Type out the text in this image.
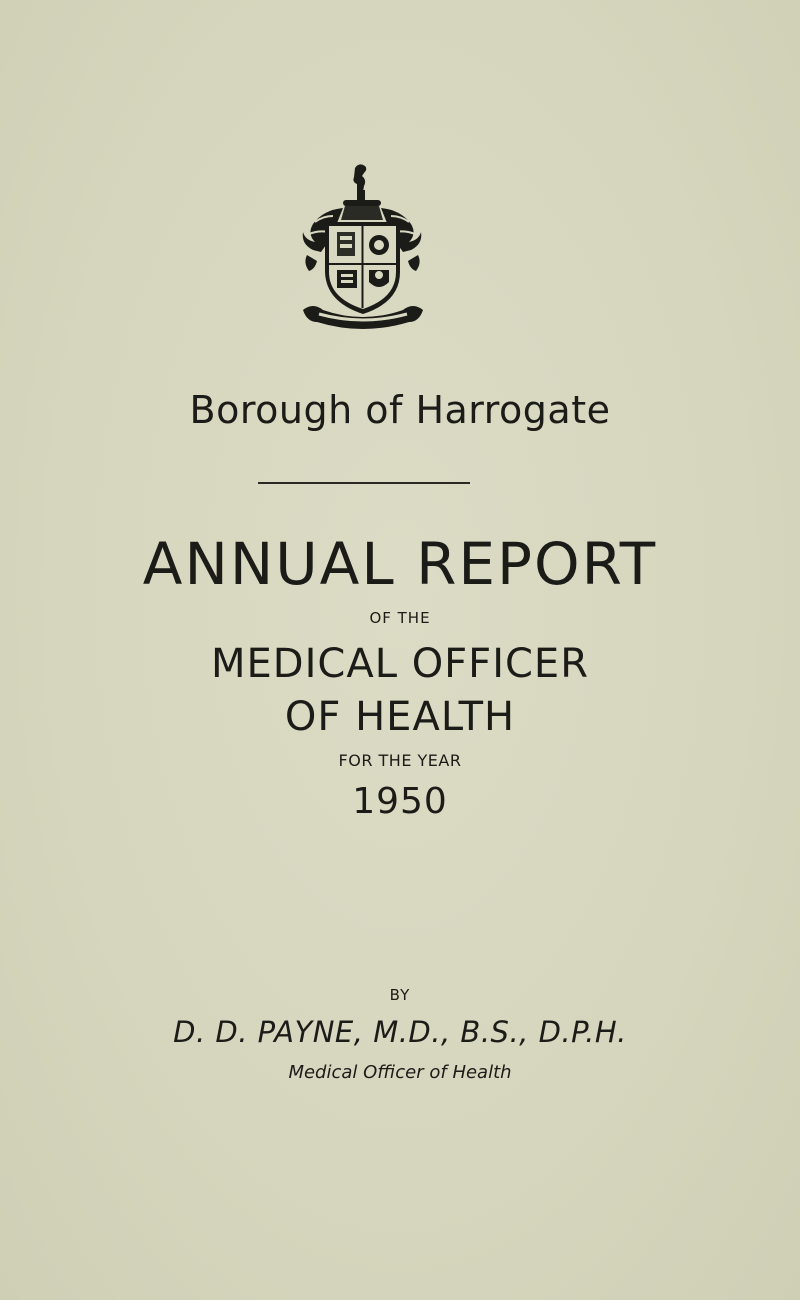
Borough of Harrogate
ANNUAL REPORT
OF THE
MEDICAL OFFICER
OF HEALTH
FOR THE YEAR
1950
BY
D. D. PAYNE, M.D., B.S., D.P.H.
Medical Officer of Health
